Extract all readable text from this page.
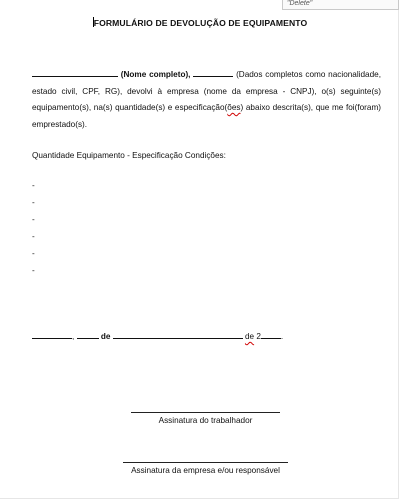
"Delete"
FORMULÁRIO DE DEVOLUÇÃO DE EQUIPAMENTO
(Nome completo),	(Dados completos como nacionalidade, estado civil, CPF, RG), devolvi à empresa (nome da empresa - CNPJ), o(s) seguinte(s) equipamento(s), na(s) quantidade(s) e especificação(ões) abaixo descrita(s), que me foi(foram) emprestado(s).
Quantidade Equipamento - Especificação Condições:
-
-
-
-
-
-
,	de	de 2 .
Assinatura do trabalhador
Assinatura da empresa e/ou responsável
